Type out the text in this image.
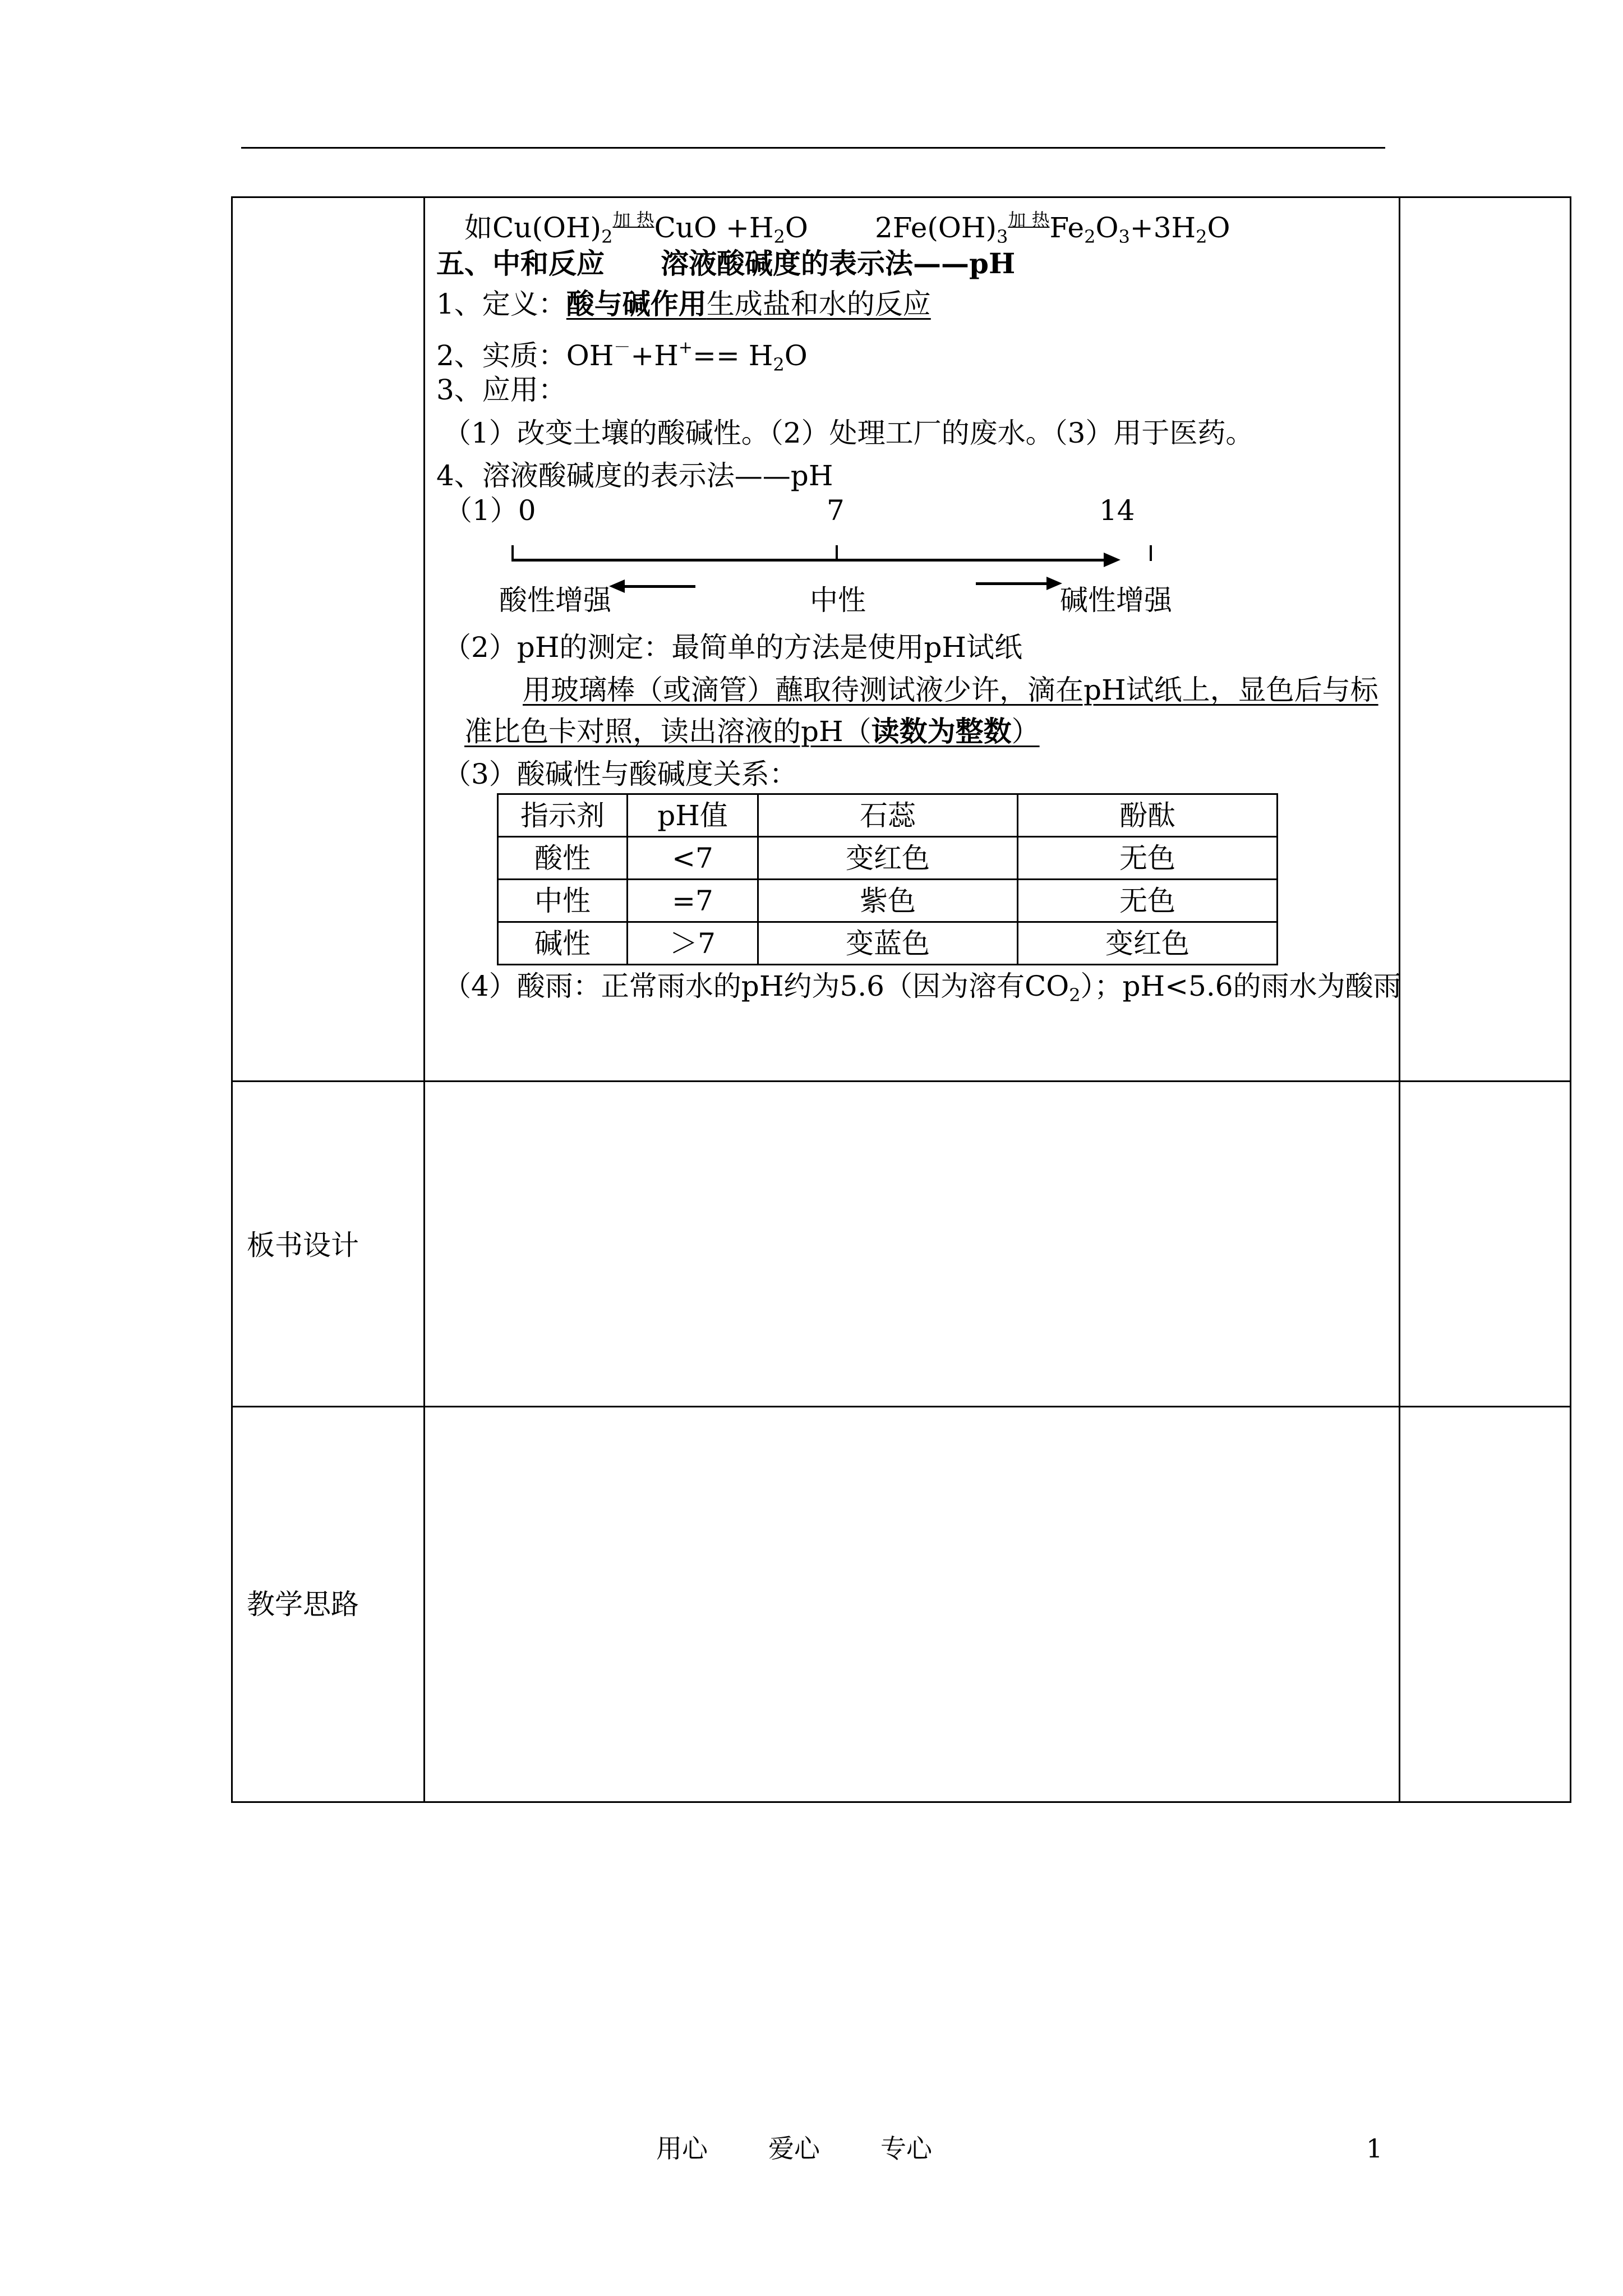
如$Cu(OH)_2^{加 热}CuO +H_2O$ $2Fe(OH)_3^{加 热}Fe_2O_3+3H_2O$
五、中和反应　　溶液酸碱度的表示法——pH
1、定义：酸与碱作用生成盐和水的反应
2、实质：$OH^-+H^+== H_2O$
3、应用：
（1）改变土壤的酸碱性。（2）处理工厂的废水。（3）用于医药。
4、溶液酸碱度的表示法——pH
（1）0	7	14
酸性增强	中性	碱性增强
（2）pH的测定：最简单的方法是使用pH试纸
用玻璃棒（或滴管）蘸取待测试液少许，滴在pH试纸上，显色后与标
准比色卡对照，读出溶液的pH（读数为整数）
（3）酸碱性与酸碱度关系：
指示剂	pH值	石蕊	酚酞
酸性	<7	变红色	无色
中性	=7	紫色	无色
碱性	＞7	变蓝色	变红色
（4）酸雨：正常雨水的pH约为5.6（因为溶有$CO_2$）；pH<5.6的雨水为酸雨
板书设计
教学思路
用心 爱心 专心	1
